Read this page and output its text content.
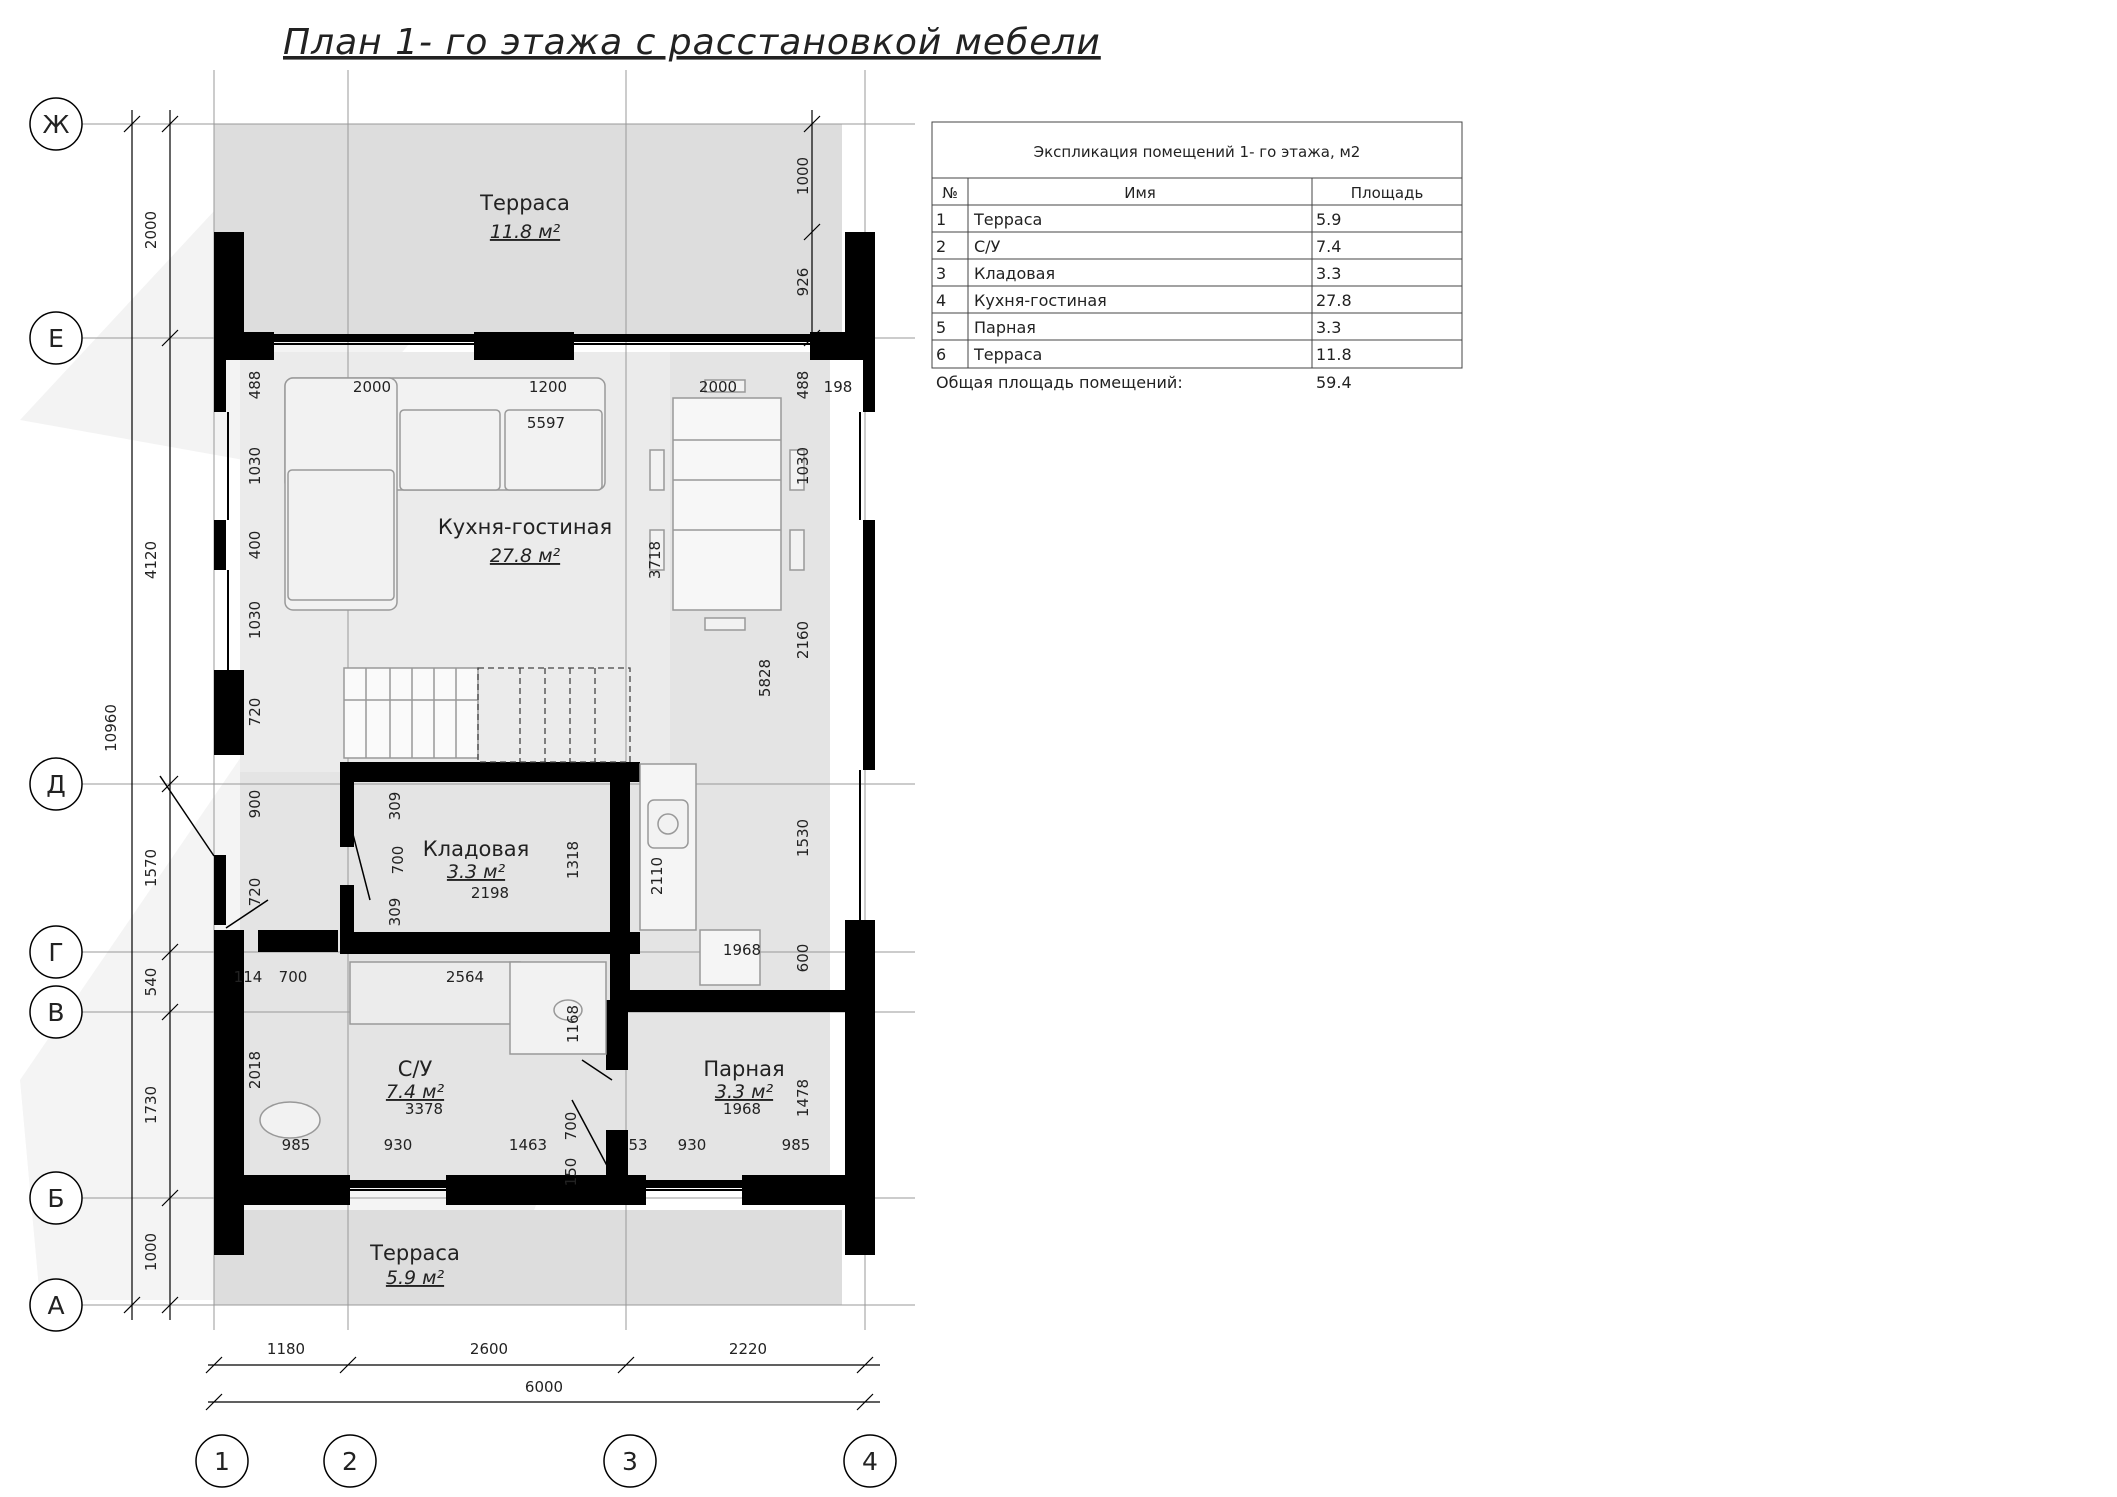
План 1- го этажа с расстановкой мебели
Ж
Е
Д
Г
В
Б
А
1	2	3	4
Терраса
11.8 м²
Кухня-гостиная
27.8 м²
Кладовая
3.3 м²
С/У
7.4 м²
Парная
3.3 м²
Терраса
5.9 м²
10960
2000
4120
1570
540
1730
1000
488
1030
400
1030
720
900
720
114
1000
926
488
1030
2160
1530
600
198
2000	1200	2000
5597
3718
5828
309
700
309
1318
2198	2110
1968
700	2564
1168
2018
3378
985	930	1463
700
150
53 930	985
1478
1968
1180	2600	2220
6000
Экспликация помещений 1- го этажа, м2
№	Имя	Площадь
1 Терраса	5.9
2 С/У	7.4
3 Кладовая	3.3
4 Кухня-гостиная	27.8
5 Парная	3.3
6 Терраса	11.8
Общая площадь помещений:	59.4
